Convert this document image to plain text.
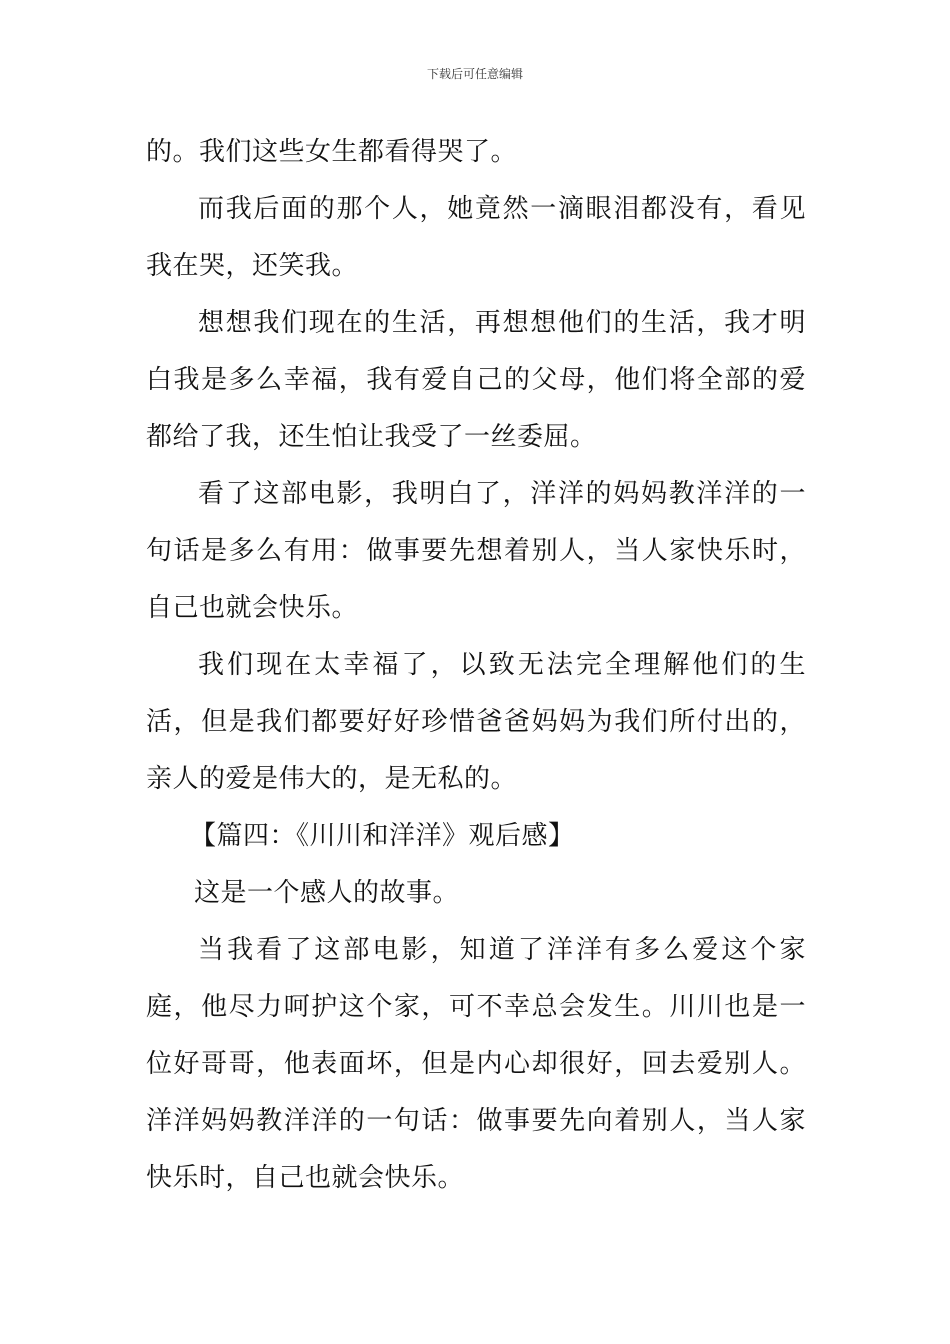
下载后可任意编辑

的。我们这些女生都看得哭了。

而我后面的那个人，她竟然一滴眼泪都没有，看见我在哭，还笑我。

想想我们现在的生活，再想想他们的生活，我才明白我是多么幸福，我有爱自己的父母，他们将全部的爱都给了我，还生怕让我受了一丝委屈。

看了这部电影，我明白了，洋洋的妈妈教洋洋的一句话是多么有用：做事要先想着别人，当人家快乐时，自己也就会快乐。

我们现在太幸福了，以致无法完全理解他们的生活，但是我们都要好好珍惜爸爸妈妈为我们所付出的，亲人的爱是伟大的，是无私的。

【篇四：《川川和洋洋》观后感】

这是一个感人的故事。

当我看了这部电影，知道了洋洋有多么爱这个家庭，他尽力呵护这个家，可不幸总会发生。川川也是一位好哥哥，他表面坏，但是内心却很好，回去爱别人。洋洋妈妈教洋洋的一句话：做事要先向着别人，当人家快乐时，自己也就会快乐。
